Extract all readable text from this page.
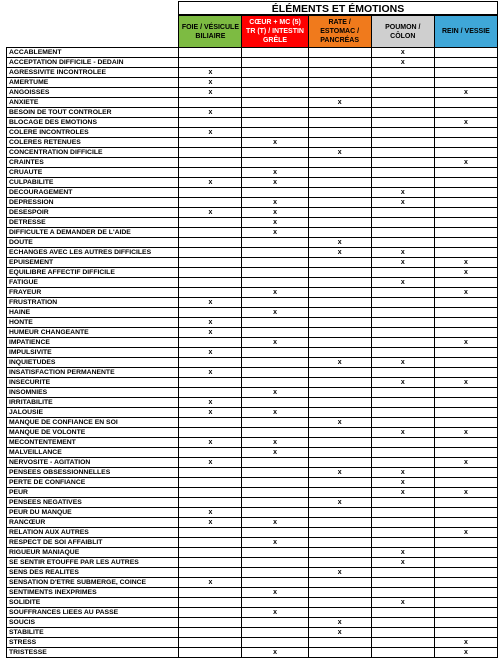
ÉLÉMENTS ET ÉMOTIONS
	FOIE / VÉSICULE BILIAIRE	CŒUR + MC (5) TR (T) / INTESTIN GRÊLE	RATE / ESTOMAC / PANCRÉAS	POUMON / CÔLON	REIN / VESSIE
ACCABLEMENT				x	
ACCEPTATION DIFFICILE - DEDAIN				x	
AGRESSIVITE INCONTROLEE	x				
AMERTUME	x				
ANGOISSES	x				x
ANXIETE			x		
BESOIN DE TOUT CONTROLER	x				
BLOCAGE DES EMOTIONS					x
COLERE INCONTROLES	x				
COLERES RETENUES		x			
CONCENTRATION DIFFICILE			x		
CRAINTES					x
CRUAUTE		x			
CULPABILITE	x	x			
DECOURAGEMENT				x	
DEPRESSION		x		x	
DESESPOIR	x	x			
DETRESSE		x			
DIFFICULTE A DEMANDER DE L'AIDE		x			
DOUTE			x		
ECHANGES AVEC LES AUTRES DIFFICILES			x	x	
EPUISEMENT				x	x
EQUILIBRE AFFECTIF DIFFICILE					x
FATIGUE				x	
FRAYEUR		x			x
FRUSTRATION	x				
HAINE		x			
HONTE	x				
HUMEUR CHANGEANTE	x				
IMPATIENCE		x			x
IMPULSIVITE	x				
INQUIETUDES			x	x	
INSATISFACTION PERMANENTE	x				
INSECURITE				x	x
INSOMNIES		x			
IRRITABILITE	x				
JALOUSIE	x	x			
MANQUE DE CONFIANCE EN SOI			x		
MANQUE DE VOLONTE				x	x
MECONTENTEMENT	x	x			
MALVEILLANCE		x			
NERVOSITE - AGITATION	x				x
PENSEES OBSESSIONNELLES			x	x	
PERTE DE CONFIANCE				x	
PEUR				x	x
PENSEES NEGATIVES			x		
PEUR DU MANQUE	x				
RANCŒUR	x	x			
RELATION AUX AUTRES					x
RESPECT DE SOI AFFAIBLIT		x			
RIGUEUR MANIAQUE				x	
SE SENTIR ETOUFFE PAR LES AUTRES				x	
SENS DES REALITES			x		
SENSATION D'ETRE SUBMERGE, COINCE	x				
SENTIMENTS INEXPRIMES		x			
SOLIDITE				x	
SOUFFRANCES LIEES AU PASSE		x			
SOUCIS			x		
STABILITE			x		
STRESS					x
TRISTESSE		x			x
